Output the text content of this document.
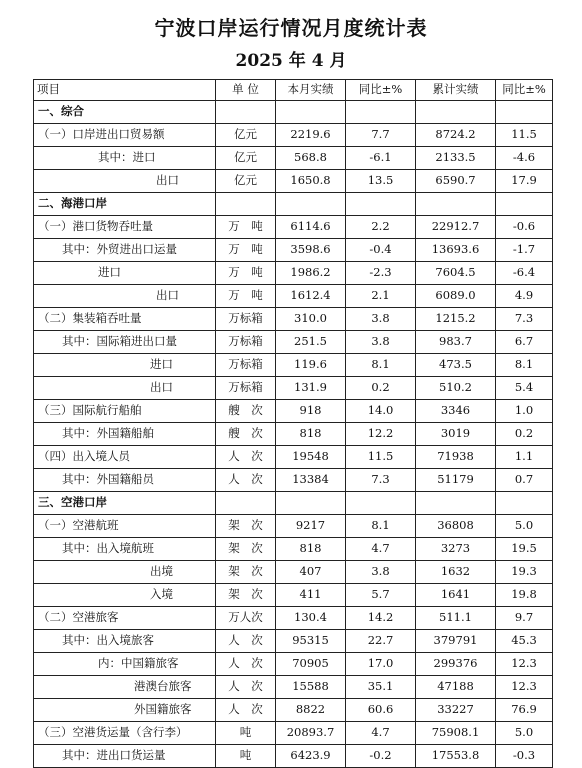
宁波口岸运行情况月度统计表
2025 年 4 月
项目	单 位	本月实绩	同比±%	累计实绩	同比±%
一、综合					
（一）口岸进出口贸易额	亿元	2219.6	7.7	8724.2	11.5
其中：进口	亿元	568.8	-6.1	2133.5	-4.6
出口	亿元	1650.8	13.5	6590.7	17.9
二、海港口岸					
（一）港口货物吞吐量	万　吨	6114.6	2.2	22912.7	-0.6
其中：外贸进出口运量	万　吨	3598.6	-0.4	13693.6	-1.7
进口	万　吨	1986.2	-2.3	7604.5	-6.4
出口	万　吨	1612.4	2.1	6089.0	4.9
（二）集装箱吞吐量	万标箱	310.0	3.8	1215.2	7.3
其中：国际箱进出口量	万标箱	251.5	3.8	983.7	6.7
进口	万标箱	119.6	8.1	473.5	8.1
出口	万标箱	131.9	0.2	510.2	5.4
（三）国际航行船舶	艘　次	918	14.0	3346	1.0
其中：外国籍船舶	艘　次	818	12.2	3019	0.2
（四）出入境人员	人　次	19548	11.5	71938	1.1
其中：外国籍船员	人　次	13384	7.3	51179	0.7
三、空港口岸					
（一）空港航班	架　次	9217	8.1	36808	5.0
其中：出入境航班	架　次	818	4.7	3273	19.5
出境	架　次	407	3.8	1632	19.3
入境	架　次	411	5.7	1641	19.8
（二）空港旅客	万人次	130.4	14.2	511.1	9.7
其中：出入境旅客	人　次	95315	22.7	379791	45.3
内：中国籍旅客	人　次	70905	17.0	299376	12.3
港澳台旅客	人　次	15588	35.1	47188	12.3
外国籍旅客	人　次	8822	60.6	33227	76.9
（三）空港货运量（含行李）	吨	20893.7	4.7	75908.1	5.0
其中：进出口货运量	吨	6423.9	-0.2	17553.8	-0.3
